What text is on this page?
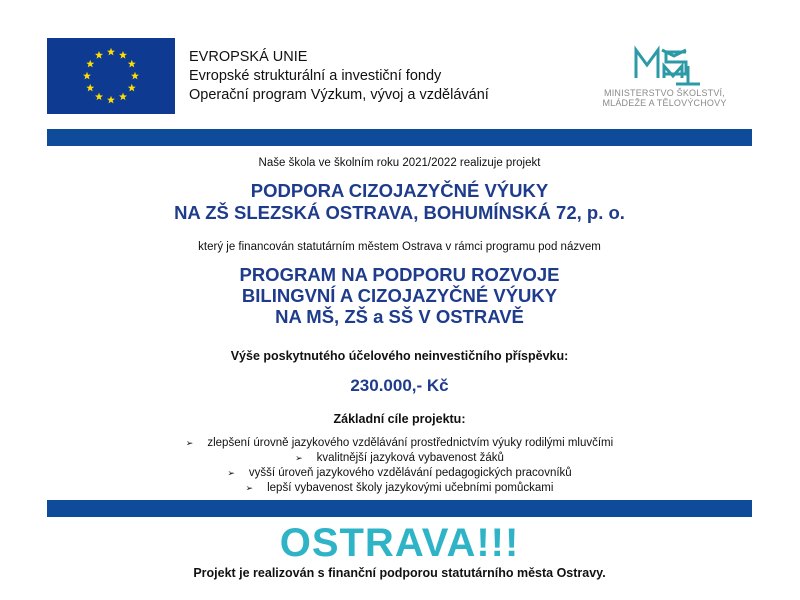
EVROPSKÁ UNIE
Evropské strukturální a investiční fondy
Operační program Výzkum, vývoj a vzdělávání	MINISTERSTVO ŠKOLSTVÍ,
MLÁDEŽE A TĚLOVÝCHOVY
Naše škola ve školním roku 2021/2022 realizuje projekt
PODPORA CIZOJAZYČNÉ VÝUKY
NA ZŠ SLEZSKÁ OSTRAVA, BOHUMÍNSKÁ 72, p. o.
který je financován statutárním městem Ostrava v rámci programu pod názvem
PROGRAM NA PODPORU ROZVOJE
BILINGVNÍ A CIZOJAZYČNÉ VÝUKY
NA MŠ, ZŠ a SŠ V OSTRAVĚ
Výše poskytnutého účelového neinvestičního příspěvku:
230.000,- Kč
Základní cíle projektu:
➢ zlepšení úrovně jazykového vzdělávání prostřednictvím výuky rodilými mluvčími
➢ kvalitnější jazyková vybavenost žáků
➢ vyšší úroveň jazykového vzdělávání pedagogických pracovníků
➢ lepší vybavenost školy jazykovými učebními pomůckami
OSTRAVA!!!
Projekt je realizován s finanční podporou statutárního města Ostravy.
